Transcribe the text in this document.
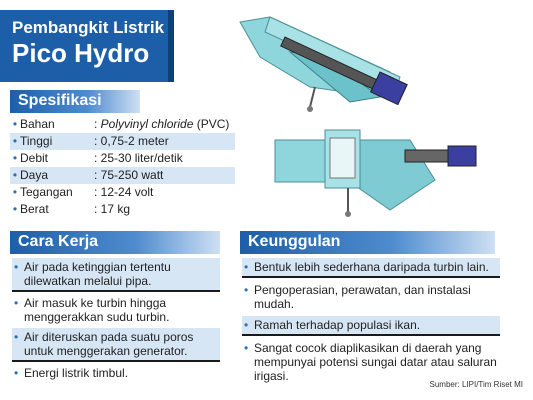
Pembangkit Listrik
Pico Hydro
Spesifikasi
• Bahan	: Polyvinyl chloride (PVC)
• Tinggi	: 0,75-2 meter
• Debit	: 25-30 liter/detik
• Daya	: 75-250 watt
• Tegangan : 12-24 volt
• Berat	: 17 kg
Cara Kerja
• Air pada ketinggian tertentu dilewatkan melalui pipa.
• Air masuk ke turbin hingga menggerakkan sudu turbin.
• Air diteruskan pada suatu poros untuk menggerakan generator.
• Energi listrik timbul.
Keunggulan
• Bentuk lebih sederhana daripada turbin lain.
• Pengoperasian, perawatan, dan instalasi mudah.
• Ramah terhadap populasi ikan.
• Sangat cocok diaplikasikan di daerah yang mempunyai potensi sungai datar atau saluran irigasi.
Sumber: LIPI/Tim Riset MI
